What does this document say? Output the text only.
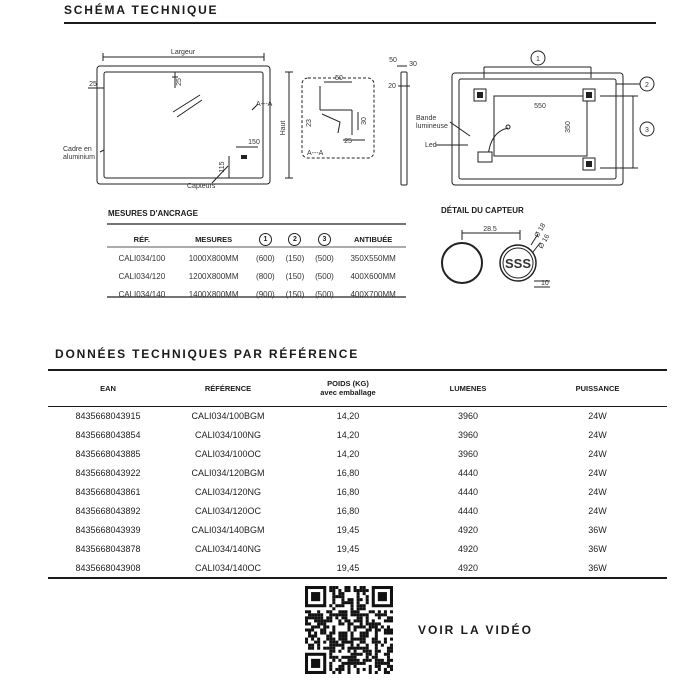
SCHÉMA TECHNIQUE
Largeur
Haut
25	25
150
115
Cadre en
aluminium
Capteurs
A---A
A---A
50
23	30
25
50
30
20
550
350
Bande
lumineuse
Led
1
2
3
28.5	Ø 18
Ø 16
10
SSS
MESURES D'ANCRAGE	DÉTAIL DU CAPTEUR
RÉF.	MESURES	1	2	3	ANTIBUÉE
CALI034/100	1000X800MM	(600)	(150)	(500)	350X550MM
CALI034/120	1200X800MM	(800)	(150)	(500)	400X600MM
CALI034/140	1400X800MM	(900)	(150)	(500)	400X700MM
DONNÉES TECHNIQUES PAR RÉFÉRENCE
EAN	RÉFÉRENCE	POIDS (KG)
avec emballage	LUMENES	PUISSANCE
8435668043915	CALI034/100BGM	14,20	3960	24W
8435668043854	CALI034/100NG	14,20	3960	24W
8435668043885	CALI034/100OC	14,20	3960	24W
8435668043922	CALI034/120BGM	16,80	4440	24W
8435668043861	CALI034/120NG	16,80	4440	24W
8435668043892	CALI034/120OC	16,80	4440	24W
8435668043939	CALI034/140BGM	19,45	4920	36W
8435668043878	CALI034/140NG	19,45	4920	36W
8435668043908	CALI034/140OC	19,45	4920	36W
VOIR LA VIDÉO
